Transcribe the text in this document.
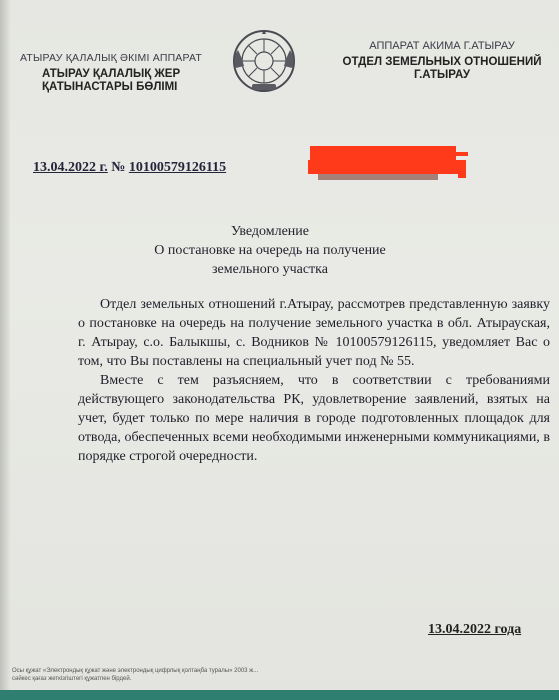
АТЫРАУ ҚАЛАЛЫҚ ӘКІМІ АППАРАТ
АТЫРАУ ҚАЛАЛЫҚ ЖЕР
ҚАТЫНАСТАРЫ БӨЛІМІ
АППАРАТ АКИМА Г.АТЫРАУ
ОТДЕЛ ЗЕМЕЛЬНЫХ ОТНОШЕНИЙ
Г.АТЫРАУ
13.04.2022 г. № 10100579126115
Уведомление
О постановке на очередь на получение
земельного участка

Отдел земельных отношений г.Атырау, рассмотрев представленную заявку о постановке на очередь на получение земельного участка в обл. Атырауская, г. Атырау, с.о. Балыкшы, с. Водников № 10100579126115, уведомляет Вас о том, что Вы поставлены на специальный учет под № 55.

Вместе с тем разъясняем, что в соответствии с требованиями действующего законодательства РК, удовлетворение заявлений, взятых на учет, будет только по мере наличия в городе подготовленных площадок для отвода, обеспеченных всеми необходимыми инженерными коммуникациями, в порядке строгой очередности.

13.04.2022 года
Осы құжат «Электрондық құжат және электрондық цифрлық қолтаңба туралы» 2003 ж...
сәйкес қағаз жеткізгіштегі құжатпен бірдей.
